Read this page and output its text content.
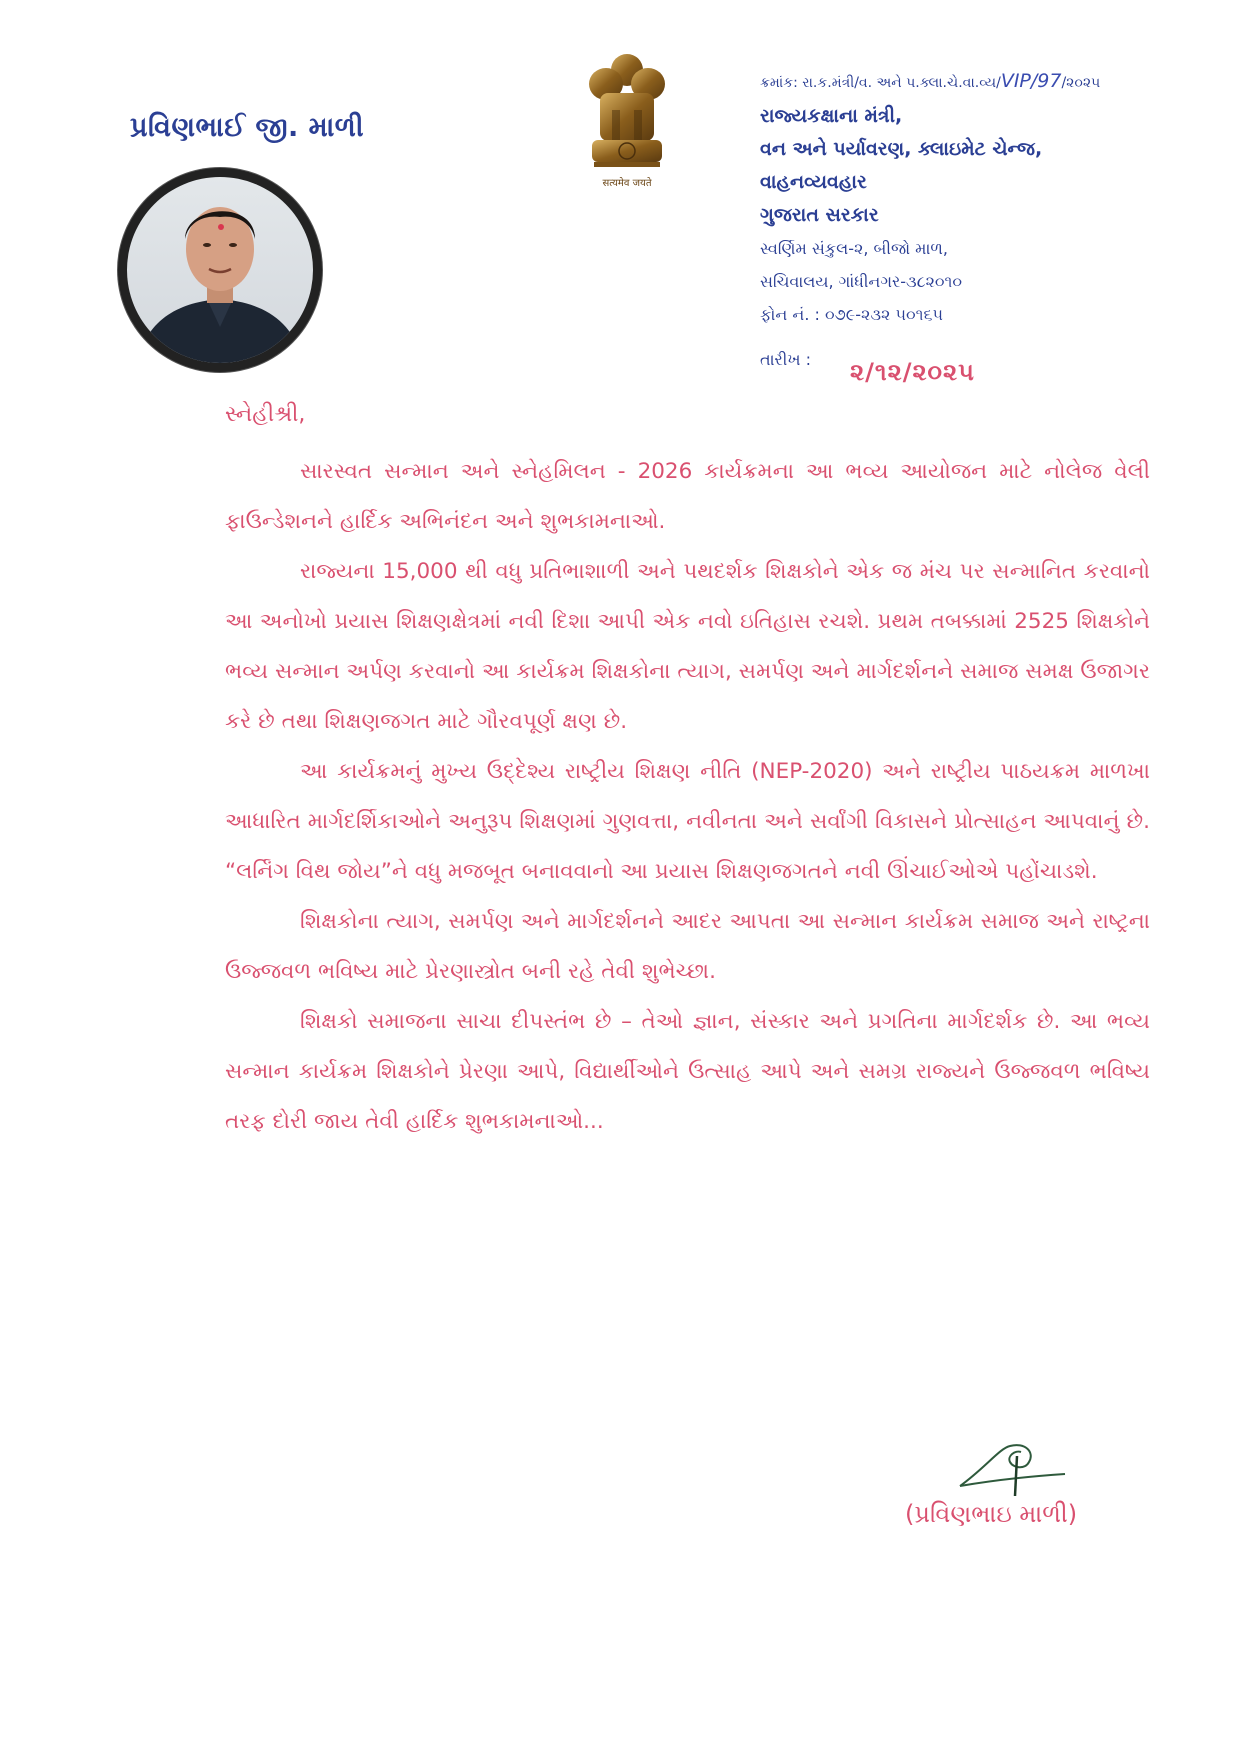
પ્રવિણભાઈ જી. માળી
सत्यमेव जयते
ક્રમાંક: રા.ક.મંત્રી/વ. અને પ.ક્લા.ચે.વા.વ્ય/VIP/97/૨૦૨૫
રાજ્યકક્ષાના મંત્રી,
વન અને પર્યાવરણ, ક્લાઇમેટ ચેન્જ,
વાહનવ્યવહાર
ગુજરાત સરકાર
સ્વર્ણિમ સંકુલ-૨, બીજો માળ,
સચિવાલય, ગાંધીનગર-૩૮૨૦૧૦
ફોન નં. : ૦૭૯-૨૩૨ ૫૦૧૬૫
તારીખ : ૨/૧૨/૨૦૨૫
સ્નેહીશ્રી,

સારસ્વત સન્માન અને સ્નેહમિલન - 2026 કાર્યક્રમના આ ભવ્ય આયોજન માટે નોલેજ વેલી ફાઉન્ડેશનને હાર્દિક અભિનંદન અને શુભકામનાઓ.

રાજ્યના 15,000 થી વધુ પ્રતિભાશાળી અને પથદર્શક શિક્ષકોને એક જ મંચ પર સન્માનિત કરવાનો આ અનોખો પ્રયાસ શિક્ષણક્ષેત્રમાં નવી દિશા આપી એક નવો ઇતિહાસ રચશે. પ્રથમ તબક્કામાં 2525 શિક્ષકોને ભવ્ય સન્માન અર્પણ કરવાનો આ કાર્યક્રમ શિક્ષકોના ત્યાગ, સમર્પણ અને માર્ગદર્શનને સમાજ સમક્ષ ઉજાગર કરે છે તથા શિક્ષણજગત માટે ગૌરવપૂર્ણ ક્ષણ છે.

આ કાર્યક્રમનું મુખ્ય ઉદ્દેશ્ય રાષ્ટ્રીય શિક્ષણ નીતિ (NEP-2020) અને રાષ્ટ્રીય પાઠયક્રમ માળખા આધારિત માર્ગદર્શિકાઓને અનુરૂપ શિક્ષણમાં ગુણવત્તા, નવીનતા અને સર્વાંગી વિકાસને પ્રોત્સાહન આપવાનું છે. “લર્નિંગ વિથ જોય”ને વધુ મજબૂત બનાવવાનો આ પ્રયાસ શિક્ષણજગતને નવી ઊંચાઈઓએ પહોંચાડશે.

શિક્ષકોના ત્યાગ, સમર્પણ અને માર્ગદર્શનને આદર આપતા આ સન્માન કાર્યક્રમ સમાજ અને રાષ્ટ્રના ઉજ્જવળ ભવિષ્ય માટે પ્રેરણાસ્ત્રોત બની રહે તેવી શુભેચ્છા.

શિક્ષકો સમાજના સાચા દીપસ્તંભ છે – તેઓ જ્ઞાન, સંસ્કાર અને પ્રગતિના માર્ગદર્શક છે. આ ભવ્ય સન્માન કાર્યક્રમ શિક્ષકોને પ્રેરણા આપે, વિદ્યાર્થીઓને ઉત્સાહ આપે અને સમગ્ર રાજ્યને ઉજ્જવળ ભવિષ્ય તરફ દોરી જાય તેવી હાર્દિક શુભકામનાઓ...

(પ્રવિણભાઇ માળી)
